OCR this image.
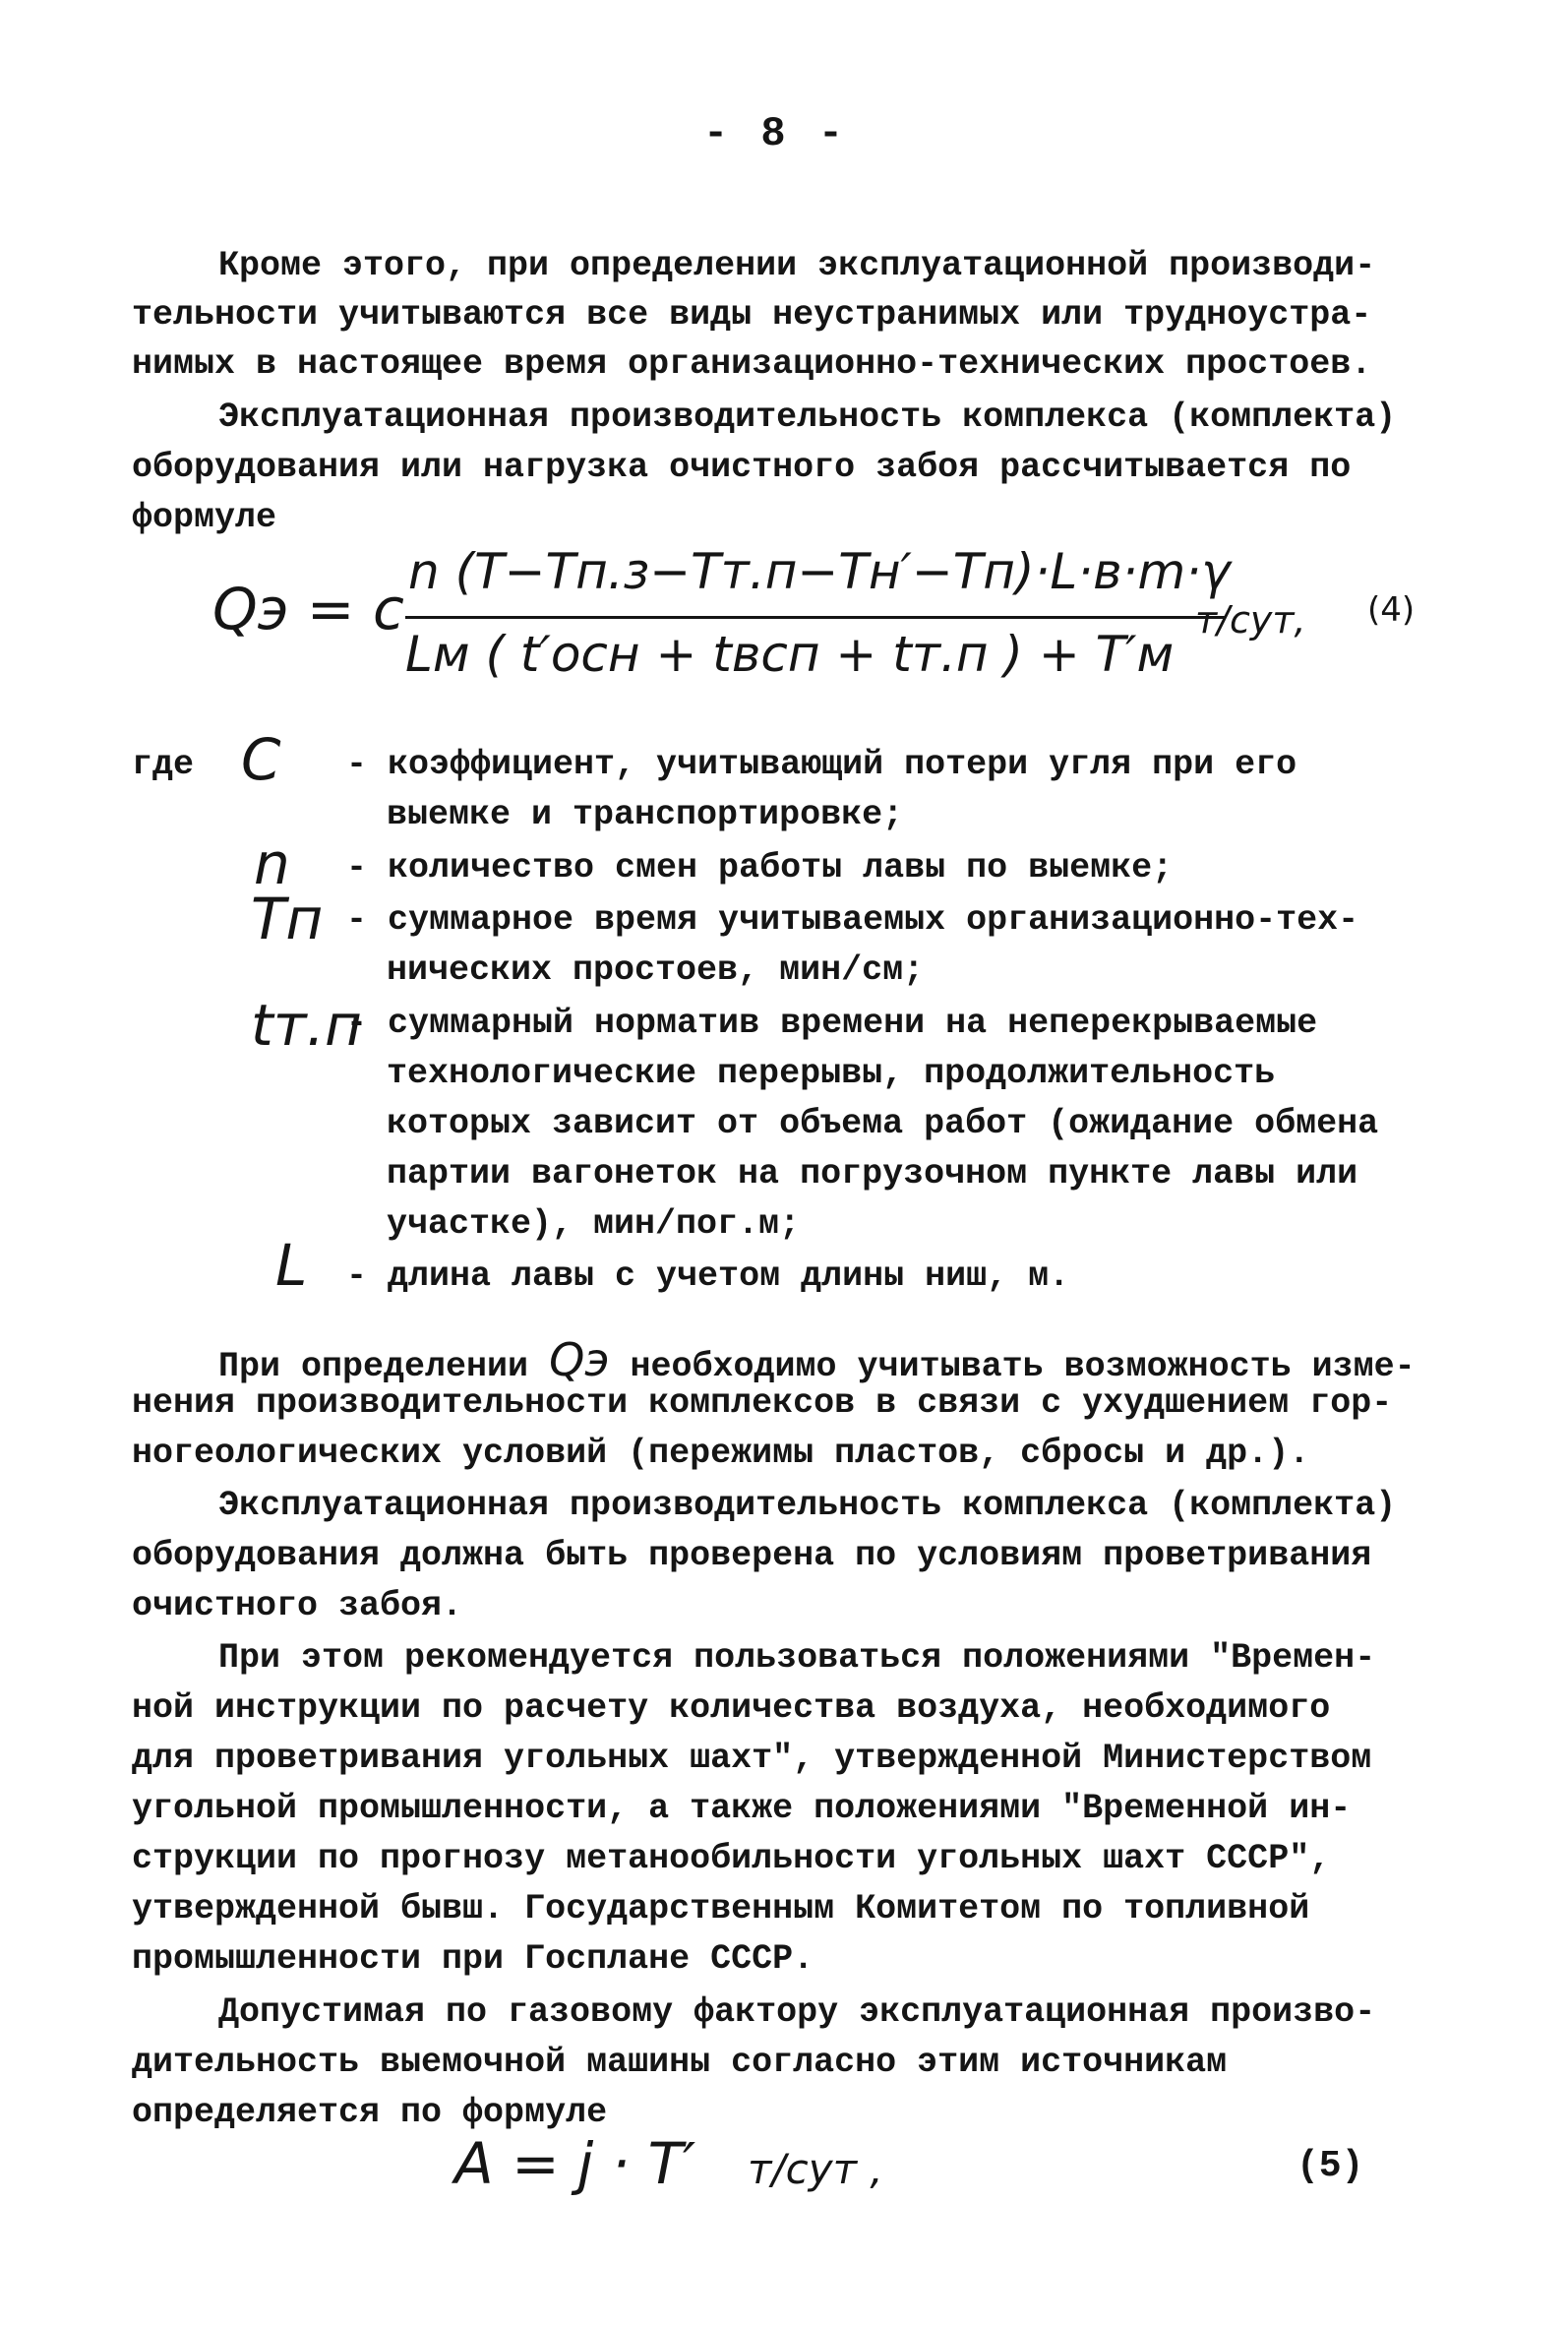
- 8 -
Кроме этого, при определении эксплуатационной производи-
тельности учитываются все виды неустранимых или трудноустра-
нимых в настоящее время организационно-технических простоев.
Эксплуатационная производительность комплекса (комплекта)
оборудования или нагрузка очистного забоя рассчитывается по
формуле
Qэ = c
n (T−Tп.з−Tт.п−Tн′−Tп)·L·в·m·γ
Lм ( t′осн + tвсп + tт.п ) + T′м
т/сут, (4)
где C - коэффициент, учитывающий потери угля при его
выемке и транспортировке;
n - количество смен работы лавы по выемке;
Tп - суммарное время учитываемых организационно-тех-
нических простоев, мин/см;
tт.п
- суммарный норматив времени на неперекрываемые
технологические перерывы, продолжительность
которых зависит от объема работ (ожидание обмена
партии вагонеток на погрузочном пункте лавы или
участке), мин/пог.м;
L - длина лавы с учетом длины ниш, м.
При определении Qэ необходимо учитывать возможность изме-
нения производительности комплексов в связи с ухудшением гор-
ногеологических условий (пережимы пластов, сбросы и др.).
Эксплуатационная производительность комплекса (комплекта)
оборудования должна быть проверена по условиям проветривания
очистного забоя.
При этом рекомендуется пользоваться положениями "Времен-
ной инструкции по расчету количества воздуха, необходимого
для проветривания угольных шахт", утвержденной Министерством
угольной промышленности, а также положениями "Временной ин-
струкции по прогнозу метанообильности угольных шахт СССР",
утвержденной бывш. Государственным Комитетом по топливной
промышленности при Госплане СССР.
Допустимая по газовому фактору эксплуатационная произво-
дительность выемочной машины согласно этим источникам
определяется по формуле
A = j · T′ т/сут ,	(5)
